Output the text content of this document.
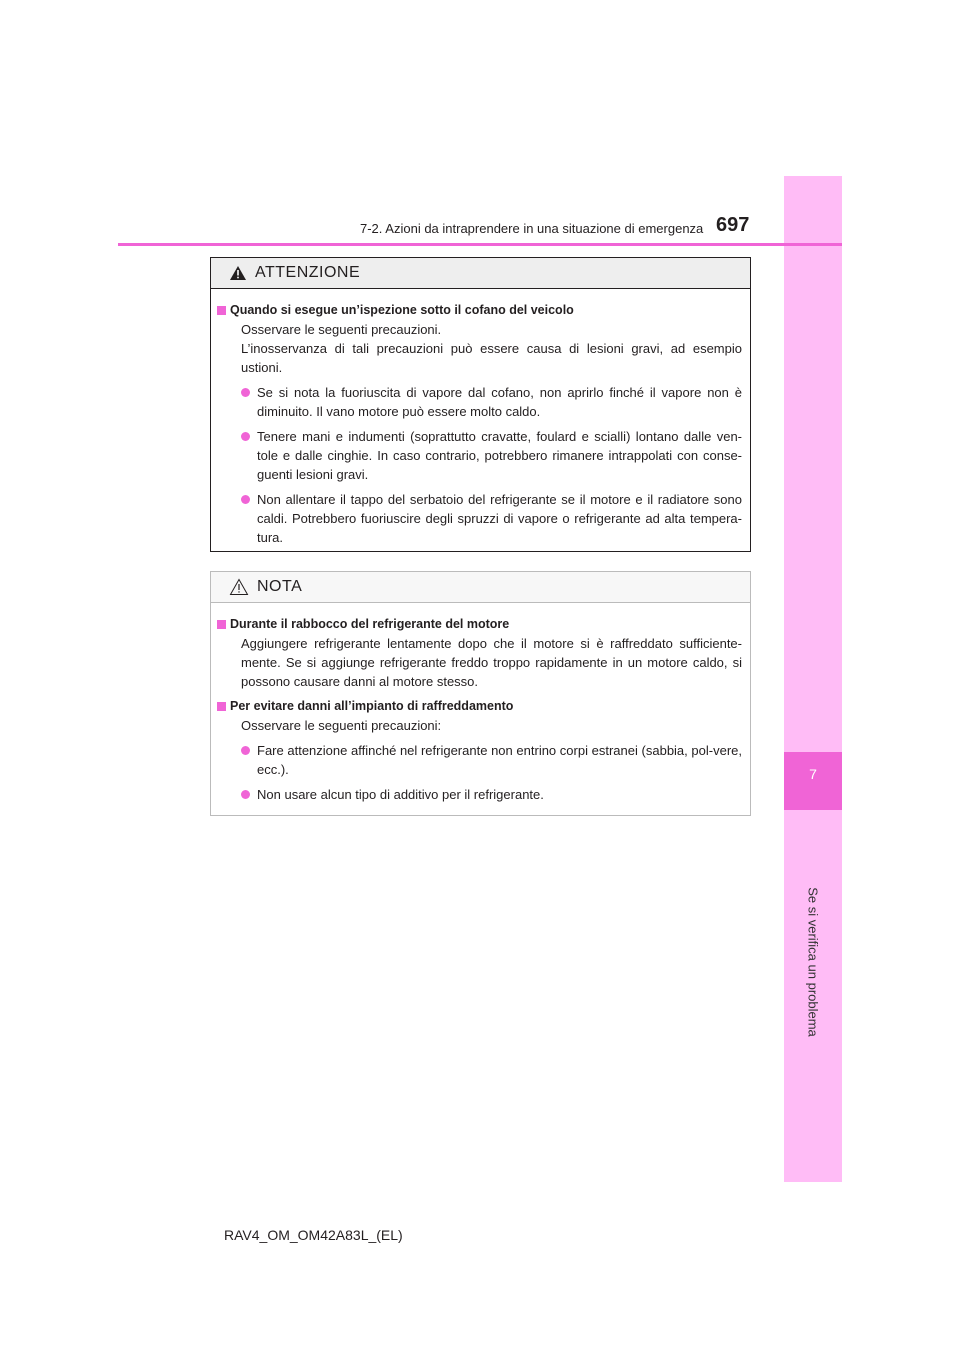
7
Se si verifica un problema
7-2. Azioni da intraprendere in una situazione di emergenza 697
ATTENZIONE
Quando si esegue un’ispezione sotto il cofano del veicolo
Osservare le seguenti precauzioni.
L’inosservanza di tali precauzioni può essere causa di lesioni gravi, ad esempio ustioni.
Se si nota la fuoriuscita di vapore dal cofano, non aprirlo finché il vapore non è diminuito. Il vano motore può essere molto caldo.
Tenere mani e indumenti (soprattutto cravatte, foulard e scialli) lontano dalle ven-tole e dalle cinghie. In caso contrario, potrebbero rimanere intrappolati con conse-guenti lesioni gravi.
Non allentare il tappo del serbatoio del refrigerante se il motore e il radiatore sono caldi. Potrebbero fuoriuscire degli spruzzi di vapore o refrigerante ad alta tempera-tura.
NOTA
Durante il rabbocco del refrigerante del motore
Aggiungere refrigerante lentamente dopo che il motore si è raffreddato sufficiente-mente. Se si aggiunge refrigerante freddo troppo rapidamente in un motore caldo, si possono causare danni al motore stesso.
Per evitare danni all’impianto di raffreddamento
Osservare le seguenti precauzioni:
Fare attenzione affinché nel refrigerante non entrino corpi estranei (sabbia, pol-vere, ecc.).
Non usare alcun tipo di additivo per il refrigerante.
RAV4_OM_OM42A83L_(EL)
